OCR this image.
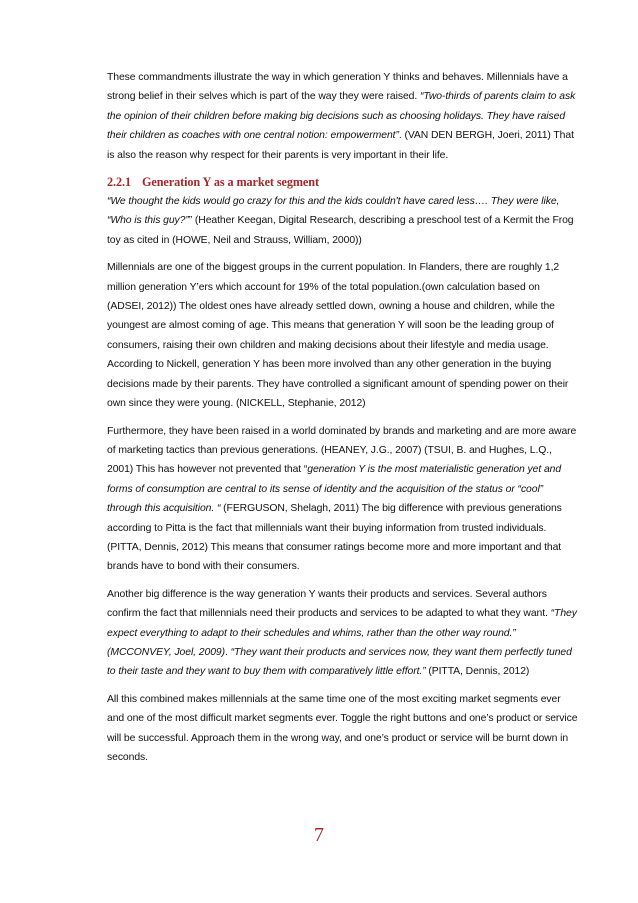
These commandments illustrate the way in which generation Y thinks and behaves. Millennials have a strong belief in their selves which is part of the way they were raised. “Two-thirds of parents claim to ask the opinion of their children before making big decisions such as choosing holidays. They have raised their children as coaches with one central notion: empowerment”. (VAN DEN BERGH, Joeri, 2011) That is also the reason why respect for their parents is very important in their life.

2.2.1 Generation Y as a market segment

“We thought the kids would go crazy for this and the kids couldn't have cared less…. They were like, “Who is this guy?”” (Heather Keegan, Digital Research, describing a preschool test of a Kermit the Frog toy as cited in (HOWE, Neil and Strauss, William, 2000))

Millennials are one of the biggest groups in the current population. In Flanders, there are roughly 1,2 million generation Y’ers which account for 19% of the total population.(own calculation based on (ADSEI, 2012)) The oldest ones have already settled down, owning a house and children, while the youngest are almost coming of age. This means that generation Y will soon be the leading group of consumers, raising their own children and making decisions about their lifestyle and media usage. According to Nickell, generation Y has been more involved than any other generation in the buying decisions made by their parents. They have controlled a significant amount of spending power on their own since they were young. (NICKELL, Stephanie, 2012)

Furthermore, they have been raised in a world dominated by brands and marketing and are more aware of marketing tactics than previous generations. (HEANEY, J.G., 2007) (TSUI, B. and Hughes, L.Q., 2001) This has however not prevented that “generation Y is the most materialistic generation yet and forms of consumption are central to its sense of identity and the acquisition of the status or “cool” through this acquisition. “ (FERGUSON, Shelagh, 2011) The big difference with previous generations according to Pitta is the fact that millennials want their buying information from trusted individuals. (PITTA, Dennis, 2012) This means that consumer ratings become more and more important and that brands have to bond with their consumers.

Another big difference is the way generation Y wants their products and services. Several authors confirm the fact that millennials need their products and services to be adapted to what they want. “They expect everything to adapt to their schedules and whims, rather than the other way round.” (MCCONVEY, Joel, 2009). “They want their products and services now, they want them perfectly tuned to their taste and they want to buy them with comparatively little effort.” (PITTA, Dennis, 2012)

All this combined makes millennials at the same time one of the most exciting market segments ever and one of the most difficult market segments ever. Toggle the right buttons and one’s product or service will be successful. Approach them in the wrong way, and one’s product or service will be burnt down in seconds.

7
